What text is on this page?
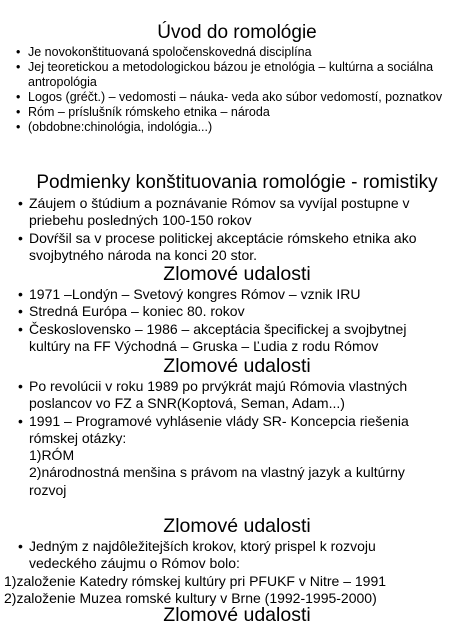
Úvod do romológie
• Je novokonštituovaná spoločenskovedná disciplína
• Jej teoretickou a metodologickou bázou je etnológia – kultúrna a sociálna antropológia
• Logos (gréčt.) – vedomosti – náuka- veda ako súbor vedomostí, poznatkov
• Róm – príslušník rómskeho etnika – národa
• (obdobne:chinológia, indológia...)
Podmienky konštituovania romológie - romistiky
• Záujem o štúdium a poznávanie Rómov sa vyvíjal postupne v priebehu posledných 100-150 rokov
• Dovŕšil sa v procese politickej akceptácie rómskeho etnika ako svojbytného národa na konci 20 stor.
Zlomové udalosti
• 1971 –Londýn – Svetový kongres Rómov – vznik IRU
• Stredná Európa – koniec 80. rokov
• Československo – 1986 – akceptácia špecifickej a svojbytnej kultúry na FF Východná – Gruska – Ľudia z rodu Rómov
Zlomové udalosti
• Po revolúcii v roku 1989 po prvýkrát majú Rómovia vlastných poslancov vo FZ a SNR(Koptová, Seman, Adam...)
• 1991 – Programové vyhlásenie vlády SR- Koncepcia riešenia rómskej otázky:
1)RÓM
2)národnostná menšina s právom na vlastný jazyk a kultúrny rozvoj
Zlomové udalosti
• Jedným z najdôležitejších krokov, ktorý prispel k rozvoju vedeckého záujmu o Rómov bolo:
1)založenie Katedry rómskej kultúry pri PFUKF v Nitre – 1991
2)založenie Muzea romské kultury v Brne (1992-1995-2000)
Zlomové udalosti
